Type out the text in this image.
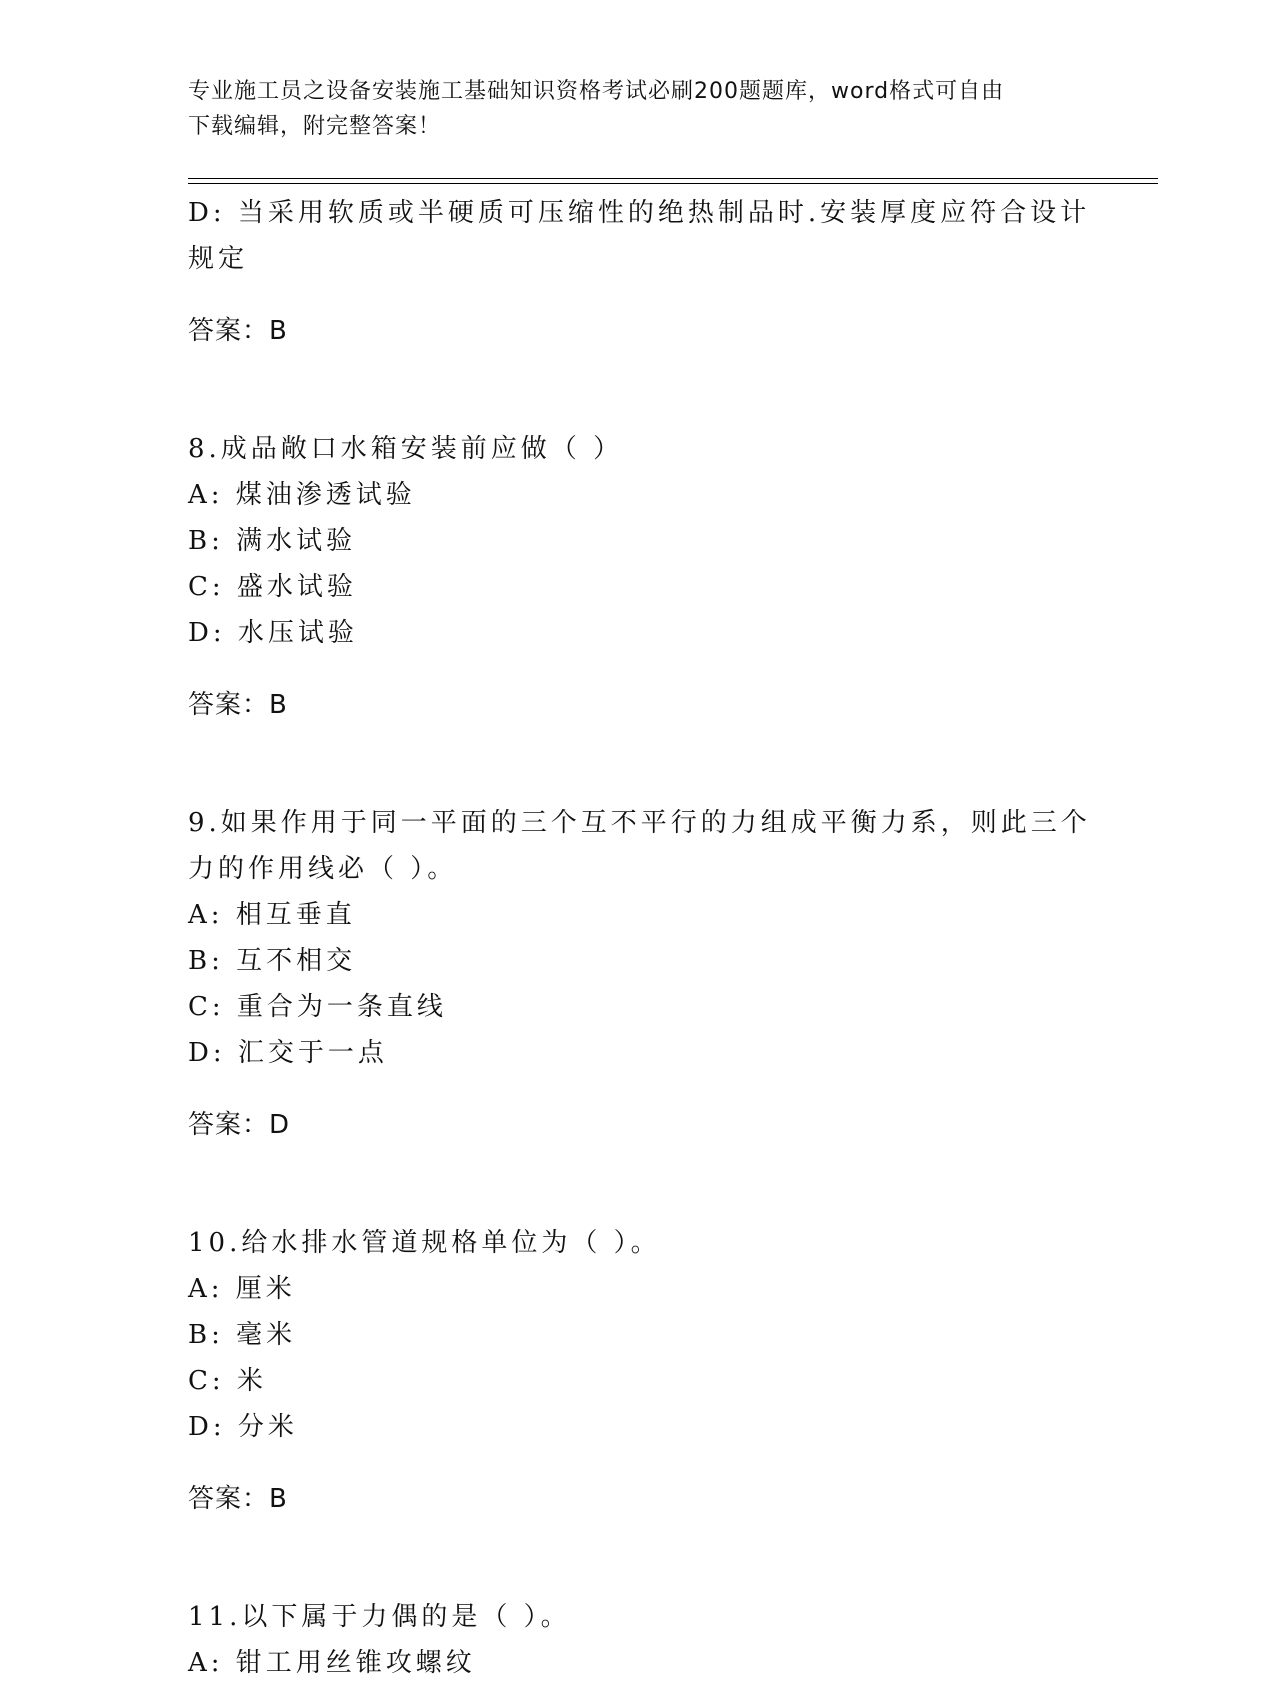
专业施工员之设备安装施工基础知识资格考试必刷200题题库，word格式可自由
下载编辑，附完整答案！

D: 当采用软质或半硬质可压缩性的绝热制品时.安装厚度应符合设计

规定

答案：B

8.成品敞口水箱安装前应做（ ）

A: 煤油渗透试验

B: 满水试验

C: 盛水试验

D: 水压试验

答案：B

9.如果作用于同一平面的三个互不平行的力组成平衡力系，则此三个

力的作用线必（ ）。

A: 相互垂直

B: 互不相交

C: 重合为一条直线

D: 汇交于一点

答案：D

10.给水排水管道规格单位为（ ）。

A: 厘米

B: 毫米

C: 米

D: 分米

答案：B

11.以下属于力偶的是（ ）。

A: 钳工用丝锥攻螺纹
